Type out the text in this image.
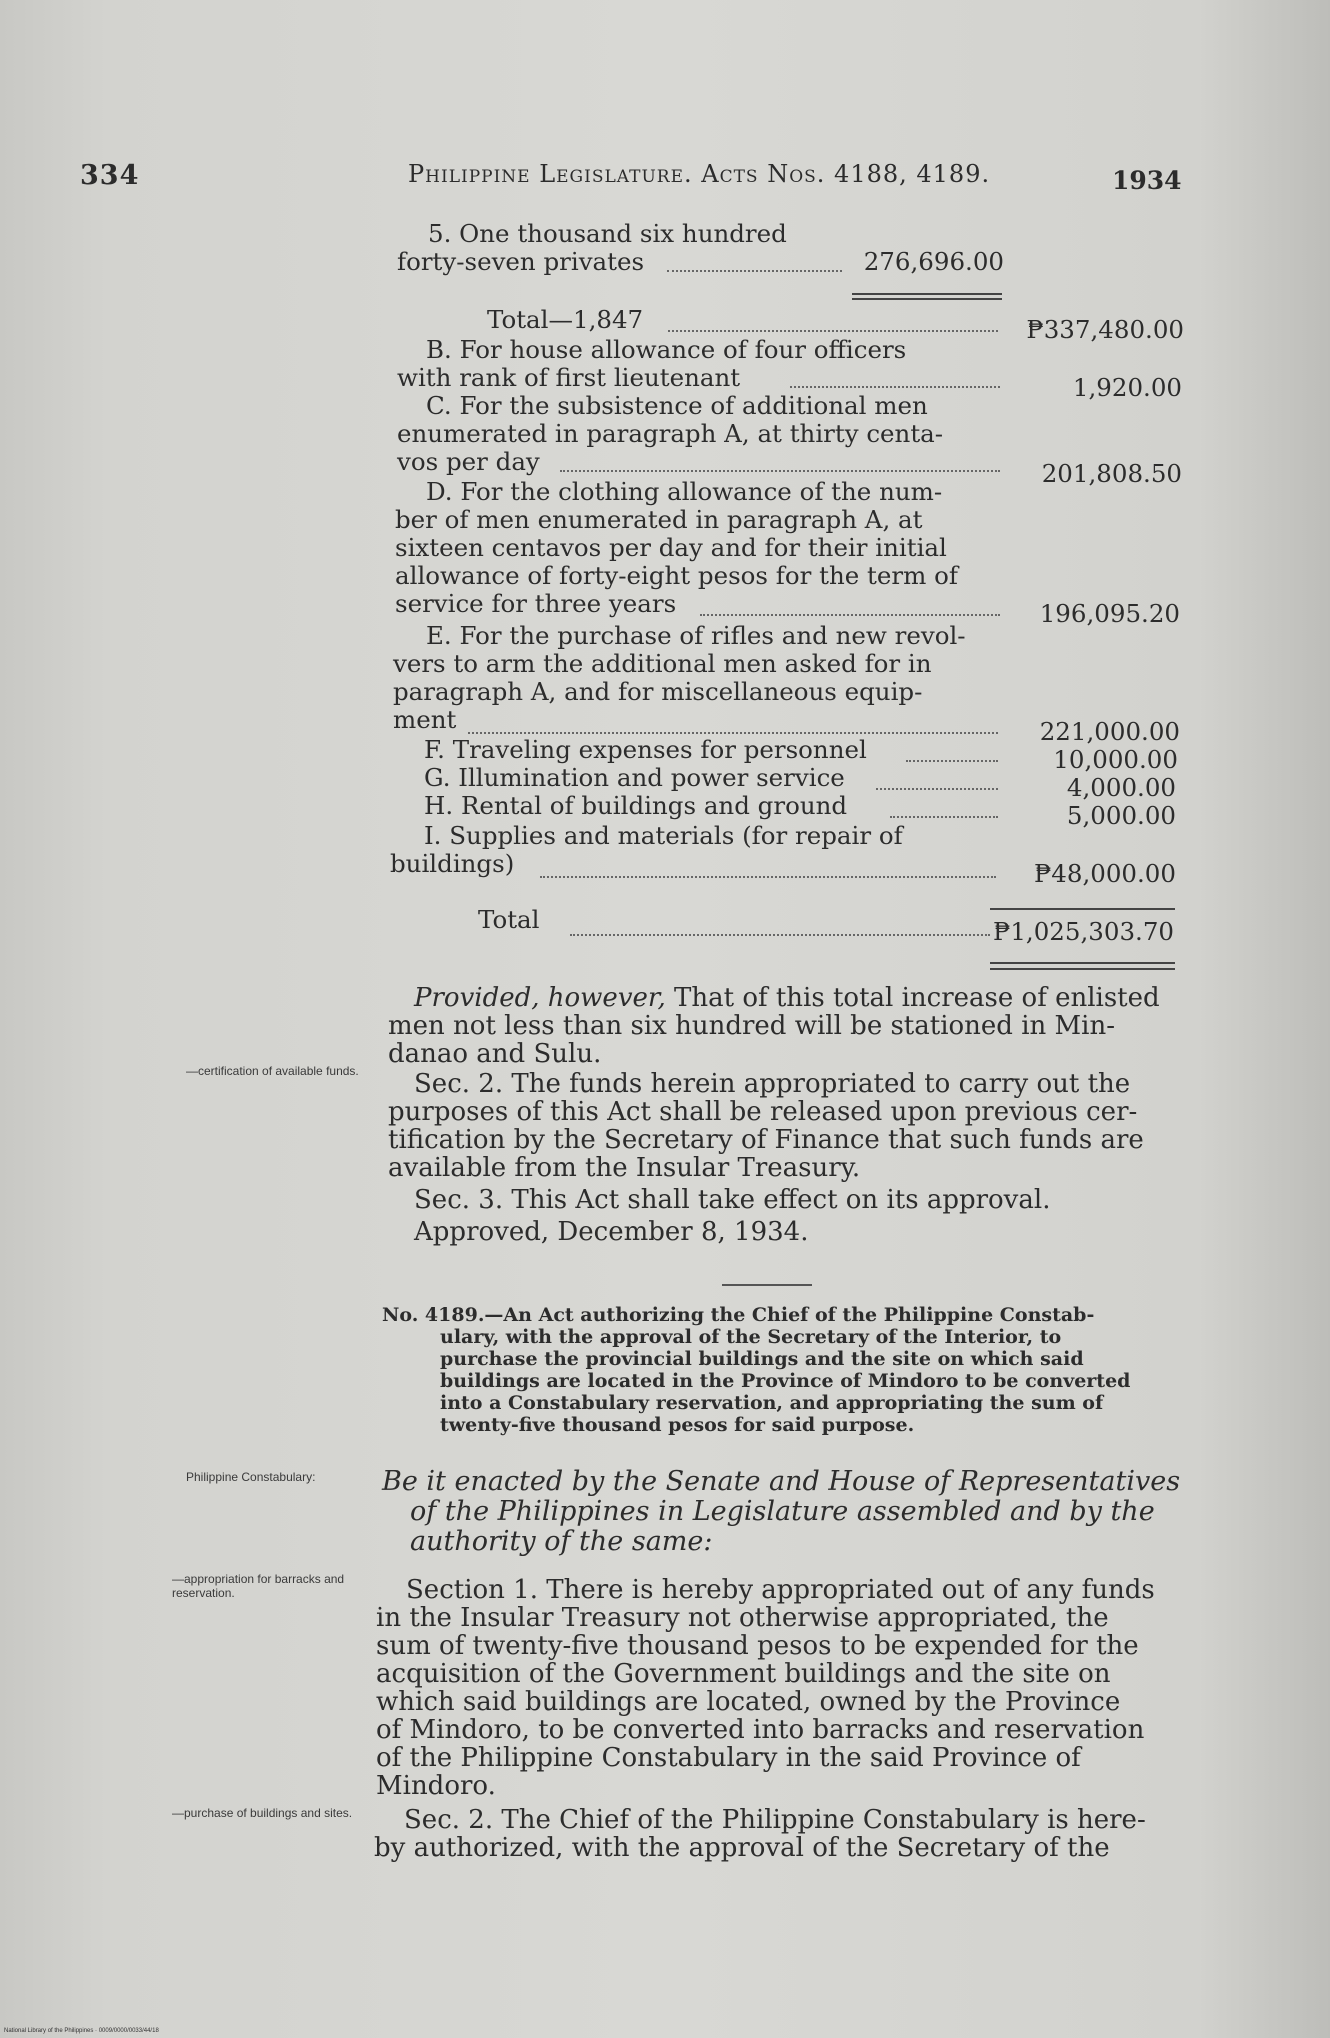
334	Philippine Legislature. Acts Nos. 4188, 4189.	1934
5. One thousand six hundred
forty-seven privates	276,696.00
Total—1,847	₱337,480.00
B. For house allowance of four officers
with rank of first lieutenant	1,920.00
C. For the subsistence of additional men
enumerated in paragraph A, at thirty centa-
vos per day	201,808.50
D. For the clothing allowance of the num-
ber of men enumerated in paragraph A, at
sixteen centavos per day and for their initial
allowance of forty-eight pesos for the term of
service for three years	196,095.20
E. For the purchase of rifles and new revol-
vers to arm the additional men asked for in
paragraph A, and for miscellaneous equip-
ment	221,000.00
F. Traveling expenses for personnel	10,000.00
G. Illumination and power service	4,000.00
H. Rental of buildings and ground	5,000.00
I. Supplies and materials (for repair of
buildings)	₱48,000.00
Total	₱1,025,303.70
Provided, however, That of this total increase of enlisted
men not less than six hundred will be stationed in Min-
danao and Sulu.
—certification of available funds.	Sec. 2. The funds herein appropriated to carry out the
purposes of this Act shall be released upon previous cer-
tification by the Secretary of Finance that such funds are
available from the Insular Treasury.
Sec. 3. This Act shall take effect on its approval.
Approved, December 8, 1934.
No. 4189.—An Act authorizing the Chief of the Philippine Constab-
ulary, with the approval of the Secretary of the Interior, to
purchase the provincial buildings and the site on which said
buildings are located in the Province of Mindoro to be converted
into a Constabulary reservation, and appropriating the sum of
twenty-five thousand pesos for said purpose.
Philippine Constabulary:	Be it enacted by the Senate and House of Representatives
of the Philippines in Legislature assembled and by the
authority of the same:
—appropriation for barracks and reservation.	Section 1. There is hereby appropriated out of any funds
in the Insular Treasury not otherwise appropriated, the
sum of twenty-five thousand pesos to be expended for the
acquisition of the Government buildings and the site on
which said buildings are located, owned by the Province
of Mindoro, to be converted into barracks and reservation
of the Philippine Constabulary in the said Province of
Mindoro.
—purchase of buildings and sites.	Sec. 2. The Chief of the Philippine Constabulary is here-
by authorized, with the approval of the Secretary of the
National Library of the Philippines · 0009/0000/0033/44/18
